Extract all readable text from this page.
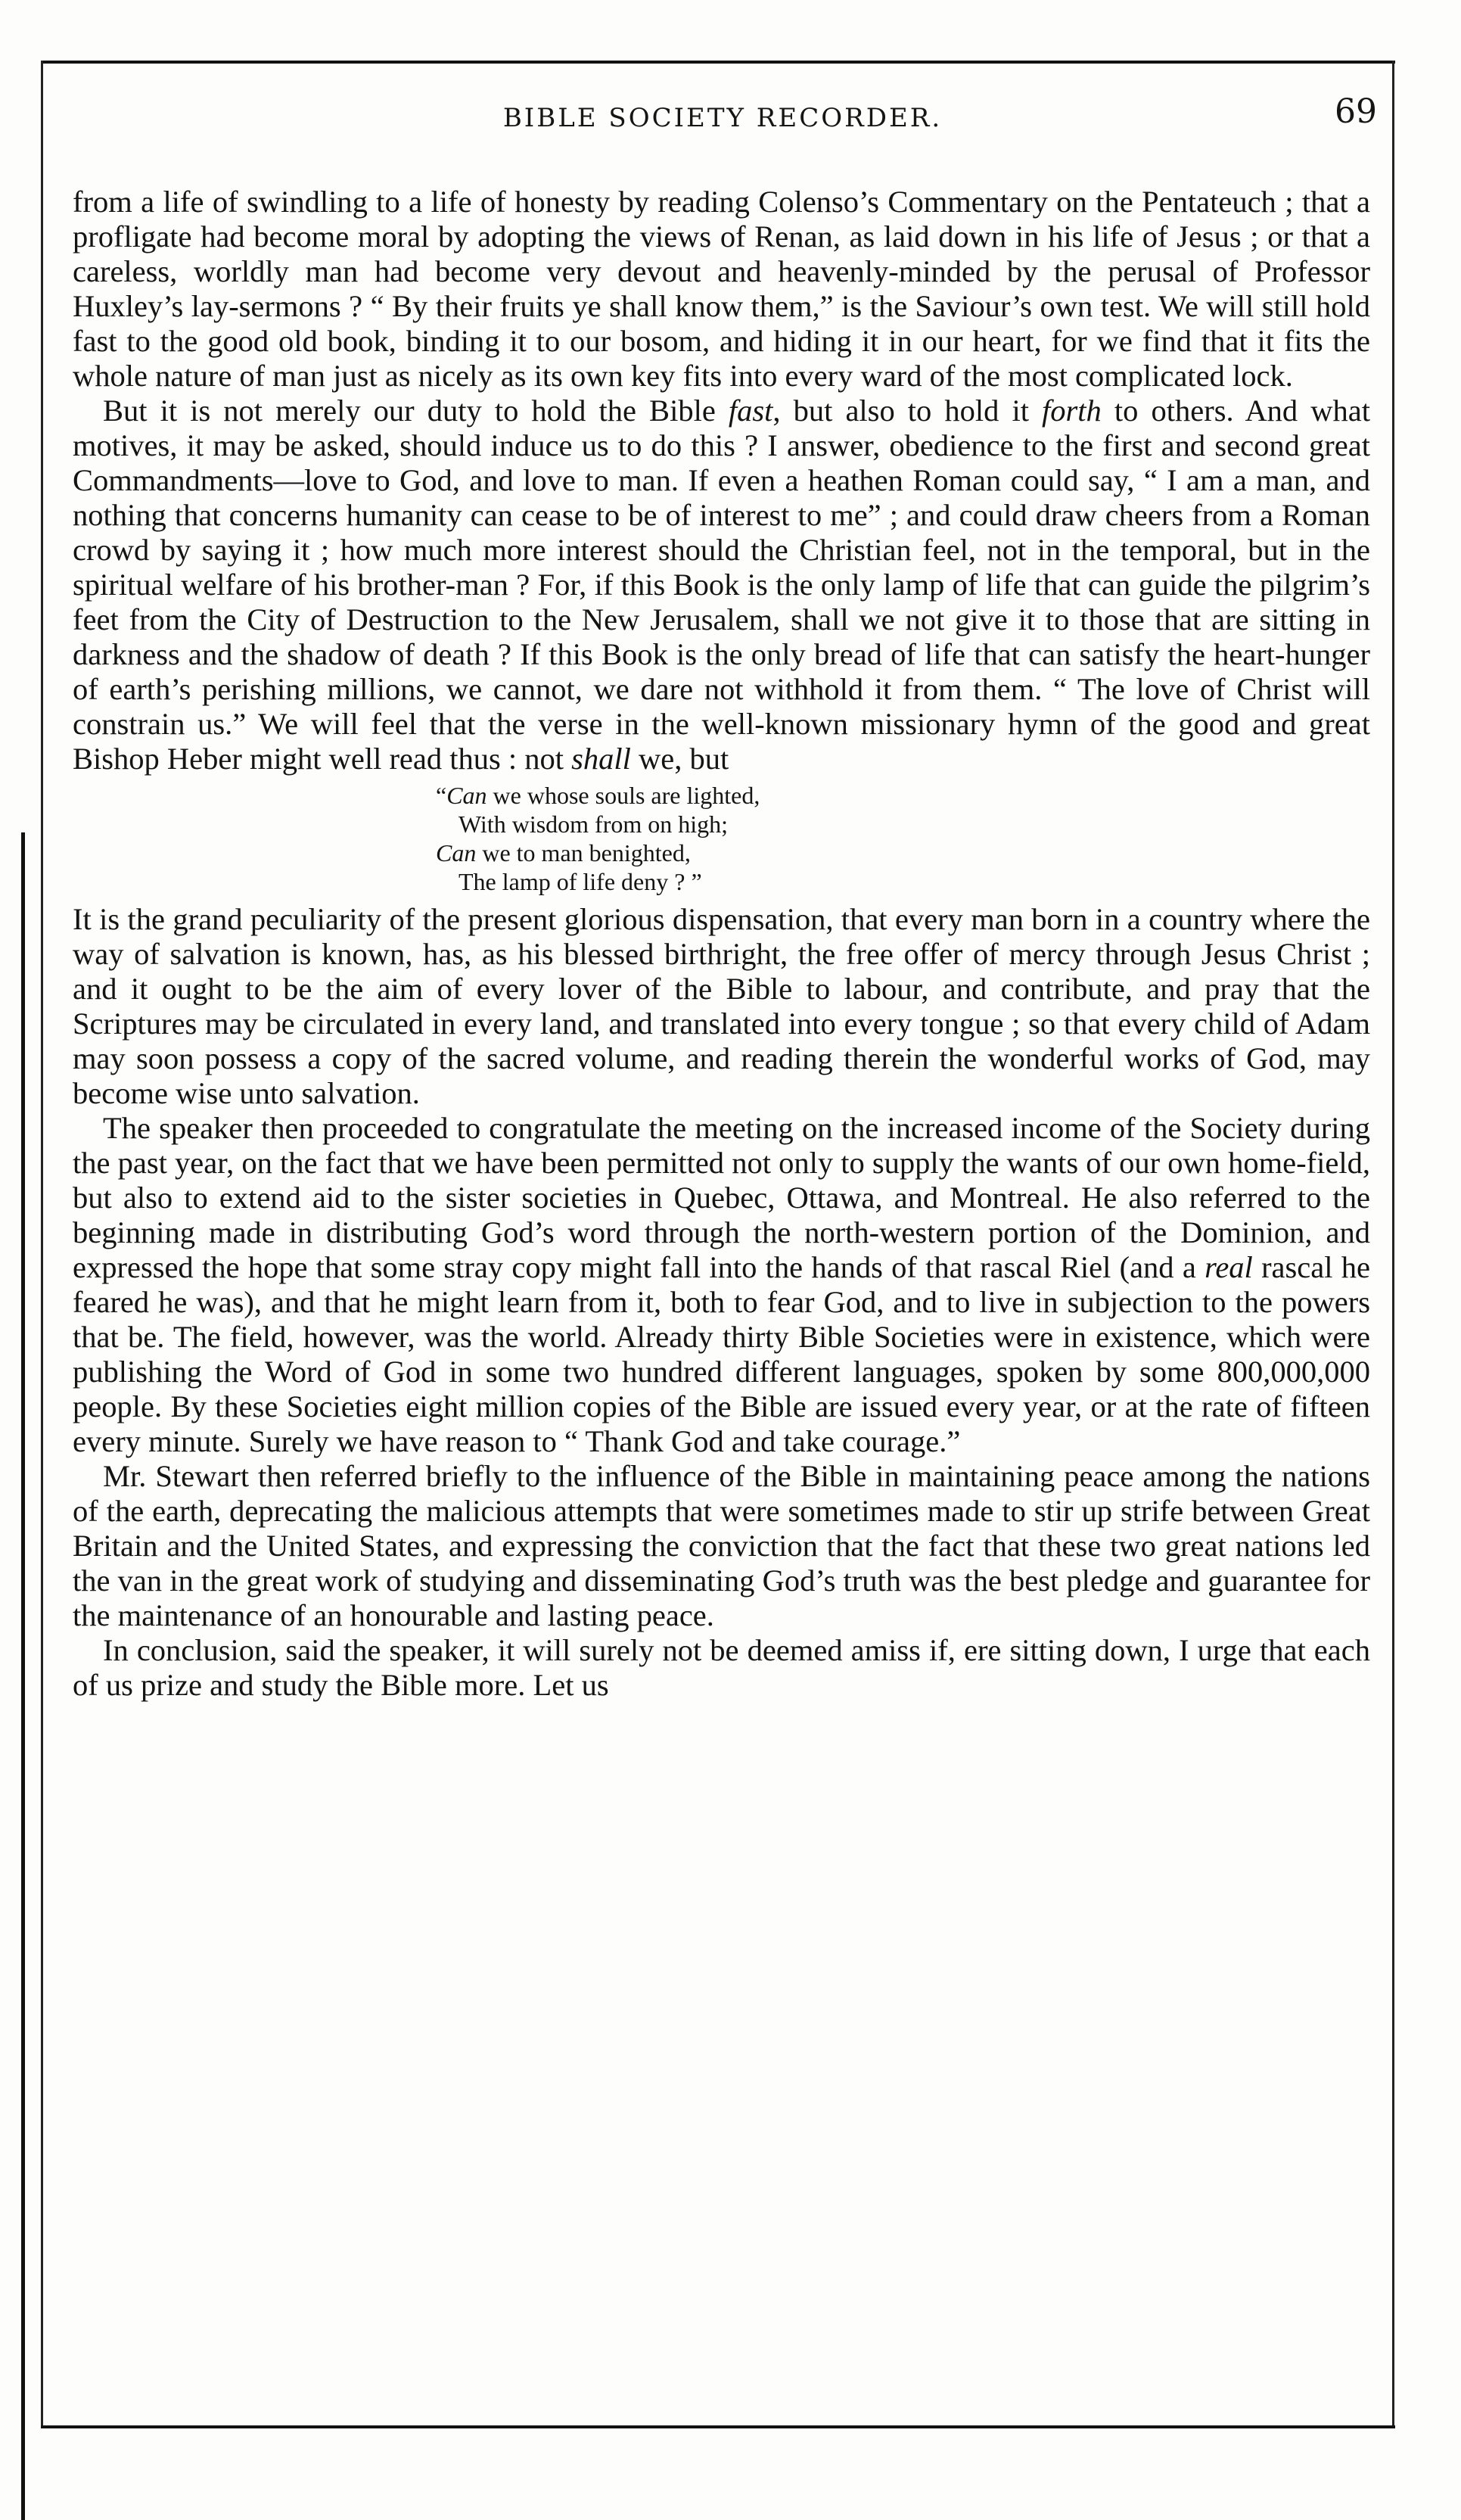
BIBLE SOCIETY RECORDER.	69

from a life of swindling to a life of honesty by reading Colenso’s Commentary on the Pentateuch ; that a profligate had become moral by adopting the views of Renan, as laid down in his life of Jesus ; or that a careless, worldly man had become very devout and heavenly-minded by the perusal of Professor Huxley’s lay-sermons ? “ By their fruits ye shall know them,” is the Saviour’s own test. We will still hold fast to the good old book, binding it to our bosom, and hiding it in our heart, for we find that it fits the whole nature of man just as nicely as its own key fits into every ward of the most complicated lock.

But it is not merely our duty to hold the Bible fast, but also to hold it forth to others. And what motives, it may be asked, should induce us to do this ? I answer, obedience to the first and second great Commandments—love to God, and love to man. If even a heathen Roman could say, “ I am a man, and nothing that concerns humanity can cease to be of interest to me” ; and could draw cheers from a Roman crowd by saying it ; how much more interest should the Christian feel, not in the temporal, but in the spiritual welfare of his brother-man ? For, if this Book is the only lamp of life that can guide the pilgrim’s feet from the City of Destruction to the New Jerusalem, shall we not give it to those that are sitting in darkness and the shadow of death ? If this Book is the only bread of life that can satisfy the heart-hunger of earth’s perishing millions, we cannot, we dare not withhold it from them. “ The love of Christ will constrain us.” We will feel that the verse in the well-known missionary hymn of the good and great Bishop Heber might well read thus : not shall we, but

“Can we whose souls are lighted,
With wisdom from on high;
Can we to man benighted,
The lamp of life deny ? ”

It is the grand peculiarity of the present glorious dispensation, that every man born in a country where the way of salvation is known, has, as his blessed birthright, the free offer of mercy through Jesus Christ ; and it ought to be the aim of every lover of the Bible to labour, and contribute, and pray that the Scriptures may be circulated in every land, and translated into every tongue ; so that every child of Adam may soon possess a copy of the sacred volume, and reading therein the wonderful works of God, may become wise unto salvation.

The speaker then proceeded to congratulate the meeting on the increased income of the Society during the past year, on the fact that we have been permitted not only to supply the wants of our own home-field, but also to extend aid to the sister societies in Quebec, Ottawa, and Montreal. He also referred to the beginning made in distributing God’s word through the north-western portion of the Dominion, and expressed the hope that some stray copy might fall into the hands of that rascal Riel (and a real rascal he feared he was), and that he might learn from it, both to fear God, and to live in subjection to the powers that be. The field, however, was the world. Already thirty Bible Societies were in existence, which were publishing the Word of God in some two hundred different languages, spoken by some 800,000,000 people. By these Societies eight million copies of the Bible are issued every year, or at the rate of fifteen every minute. Surely we have reason to “ Thank God and take courage.”

Mr. Stewart then referred briefly to the influence of the Bible in maintaining peace among the nations of the earth, deprecating the malicious attempts that were sometimes made to stir up strife between Great Britain and the United States, and expressing the conviction that the fact that these two great nations led the van in the great work of studying and disseminating God’s truth was the best pledge and guarantee for the maintenance of an honourable and lasting peace.

In conclusion, said the speaker, it will surely not be deemed amiss if, ere sitting down, I urge that each of us prize and study the Bible more. Let us
